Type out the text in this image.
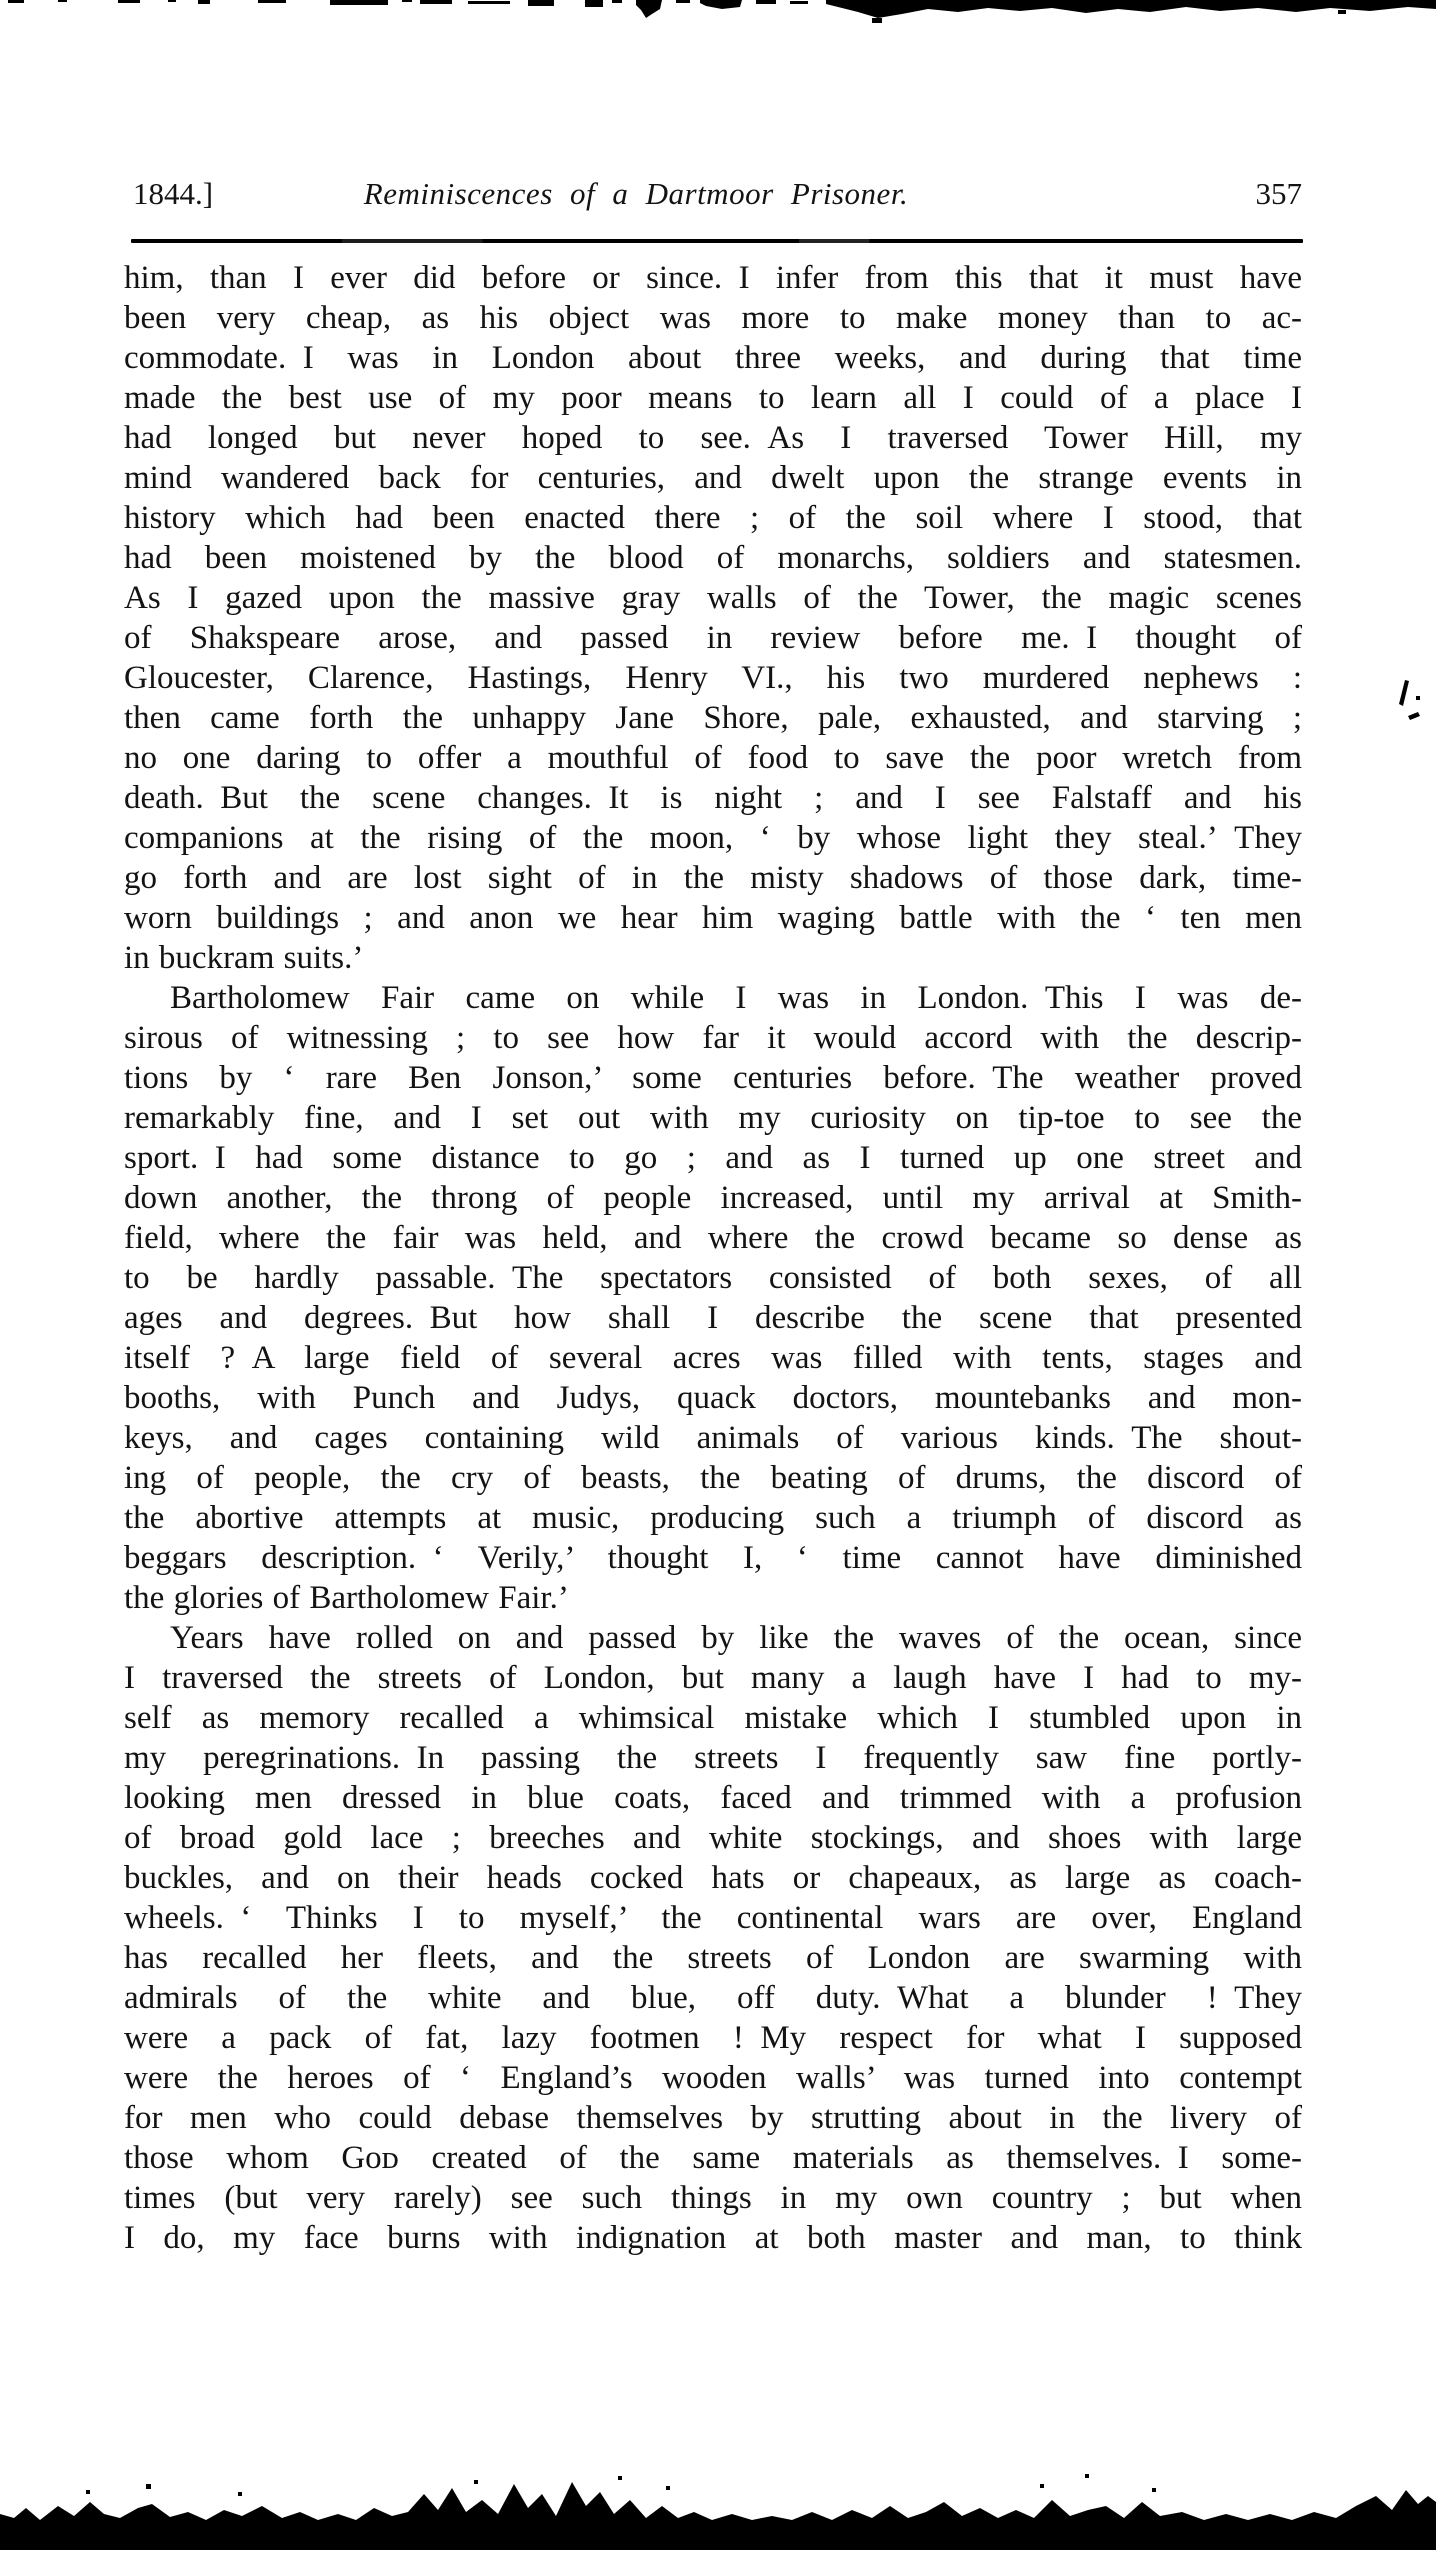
1844.]	Reminiscences of a Dartmoor Prisoner.	357
him, than I ever did before or since. I infer from this that it must have
been very cheap, as his object was more to make money than to ac-
commodate. I was in London about three weeks, and during that time
made the best use of my poor means to learn all I could of a place I
had longed but never hoped to see. As I traversed Tower Hill, my
mind wandered back for centuries, and dwelt upon the strange events in
history which had been enacted there ; of the soil where I stood, that
had been moistened by the blood of monarchs, soldiers and statesmen.
As I gazed upon the massive gray walls of the Tower, the magic scenes
of Shakspeare arose, and passed in review before me. I thought of
Gloucester, Clarence, Hastings, Henry VI., his two murdered nephews :
then came forth the unhappy Jane Shore, pale, exhausted, and starving ;
no one daring to offer a mouthful of food to save the poor wretch from
death. But the scene changes. It is night ; and I see Falstaff and his
companions at the rising of the moon, ‘ by whose light they steal.’ They
go forth and are lost sight of in the misty shadows of those dark, time-
worn buildings ; and anon we hear him waging battle with the ‘ ten men
in buckram suits.’
Bartholomew Fair came on while I was in London. This I was de-
sirous of witnessing ; to see how far it would accord with the descrip-
tions by ‘ rare Ben Jonson,’ some centuries before. The weather proved
remarkably fine, and I set out with my curiosity on tip-toe to see the
sport. I had some distance to go ; and as I turned up one street and
down another, the throng of people increased, until my arrival at Smith-
field, where the fair was held, and where the crowd became so dense as
to be hardly passable. The spectators consisted of both sexes, of all
ages and degrees. But how shall I describe the scene that presented
itself ? A large field of several acres was filled with tents, stages and
booths, with Punch and Judys, quack doctors, mountebanks and mon-
keys, and cages containing wild animals of various kinds. The shout-
ing of people, the cry of beasts, the beating of drums, the discord of
the abortive attempts at music, producing such a triumph of discord as
beggars description. ‘ Verily,’ thought I, ‘ time cannot have diminished
the glories of Bartholomew Fair.’
Years have rolled on and passed by like the waves of the ocean, since
I traversed the streets of London, but many a laugh have I had to my-
self as memory recalled a whimsical mistake which I stumbled upon in
my peregrinations. In passing the streets I frequently saw fine portly-
looking men dressed in blue coats, faced and trimmed with a profusion
of broad gold lace ; breeches and white stockings, and shoes with large
buckles, and on their heads cocked hats or chapeaux, as large as coach-
wheels. ‘ Thinks I to myself,’ the continental wars are over, England
has recalled her fleets, and the streets of London are swarming with
admirals of the white and blue, off duty. What a blunder ! They
were a pack of fat, lazy footmen ! My respect for what I supposed
were the heroes of ‘ England’s wooden walls’ was turned into contempt
for men who could debase themselves by strutting about in the livery of
those whom Gᴏᴅ created of the same materials as themselves. I some-
times (but very rarely) see such things in my own country ; but when
I do, my face burns with indignation at both master and man, to think
